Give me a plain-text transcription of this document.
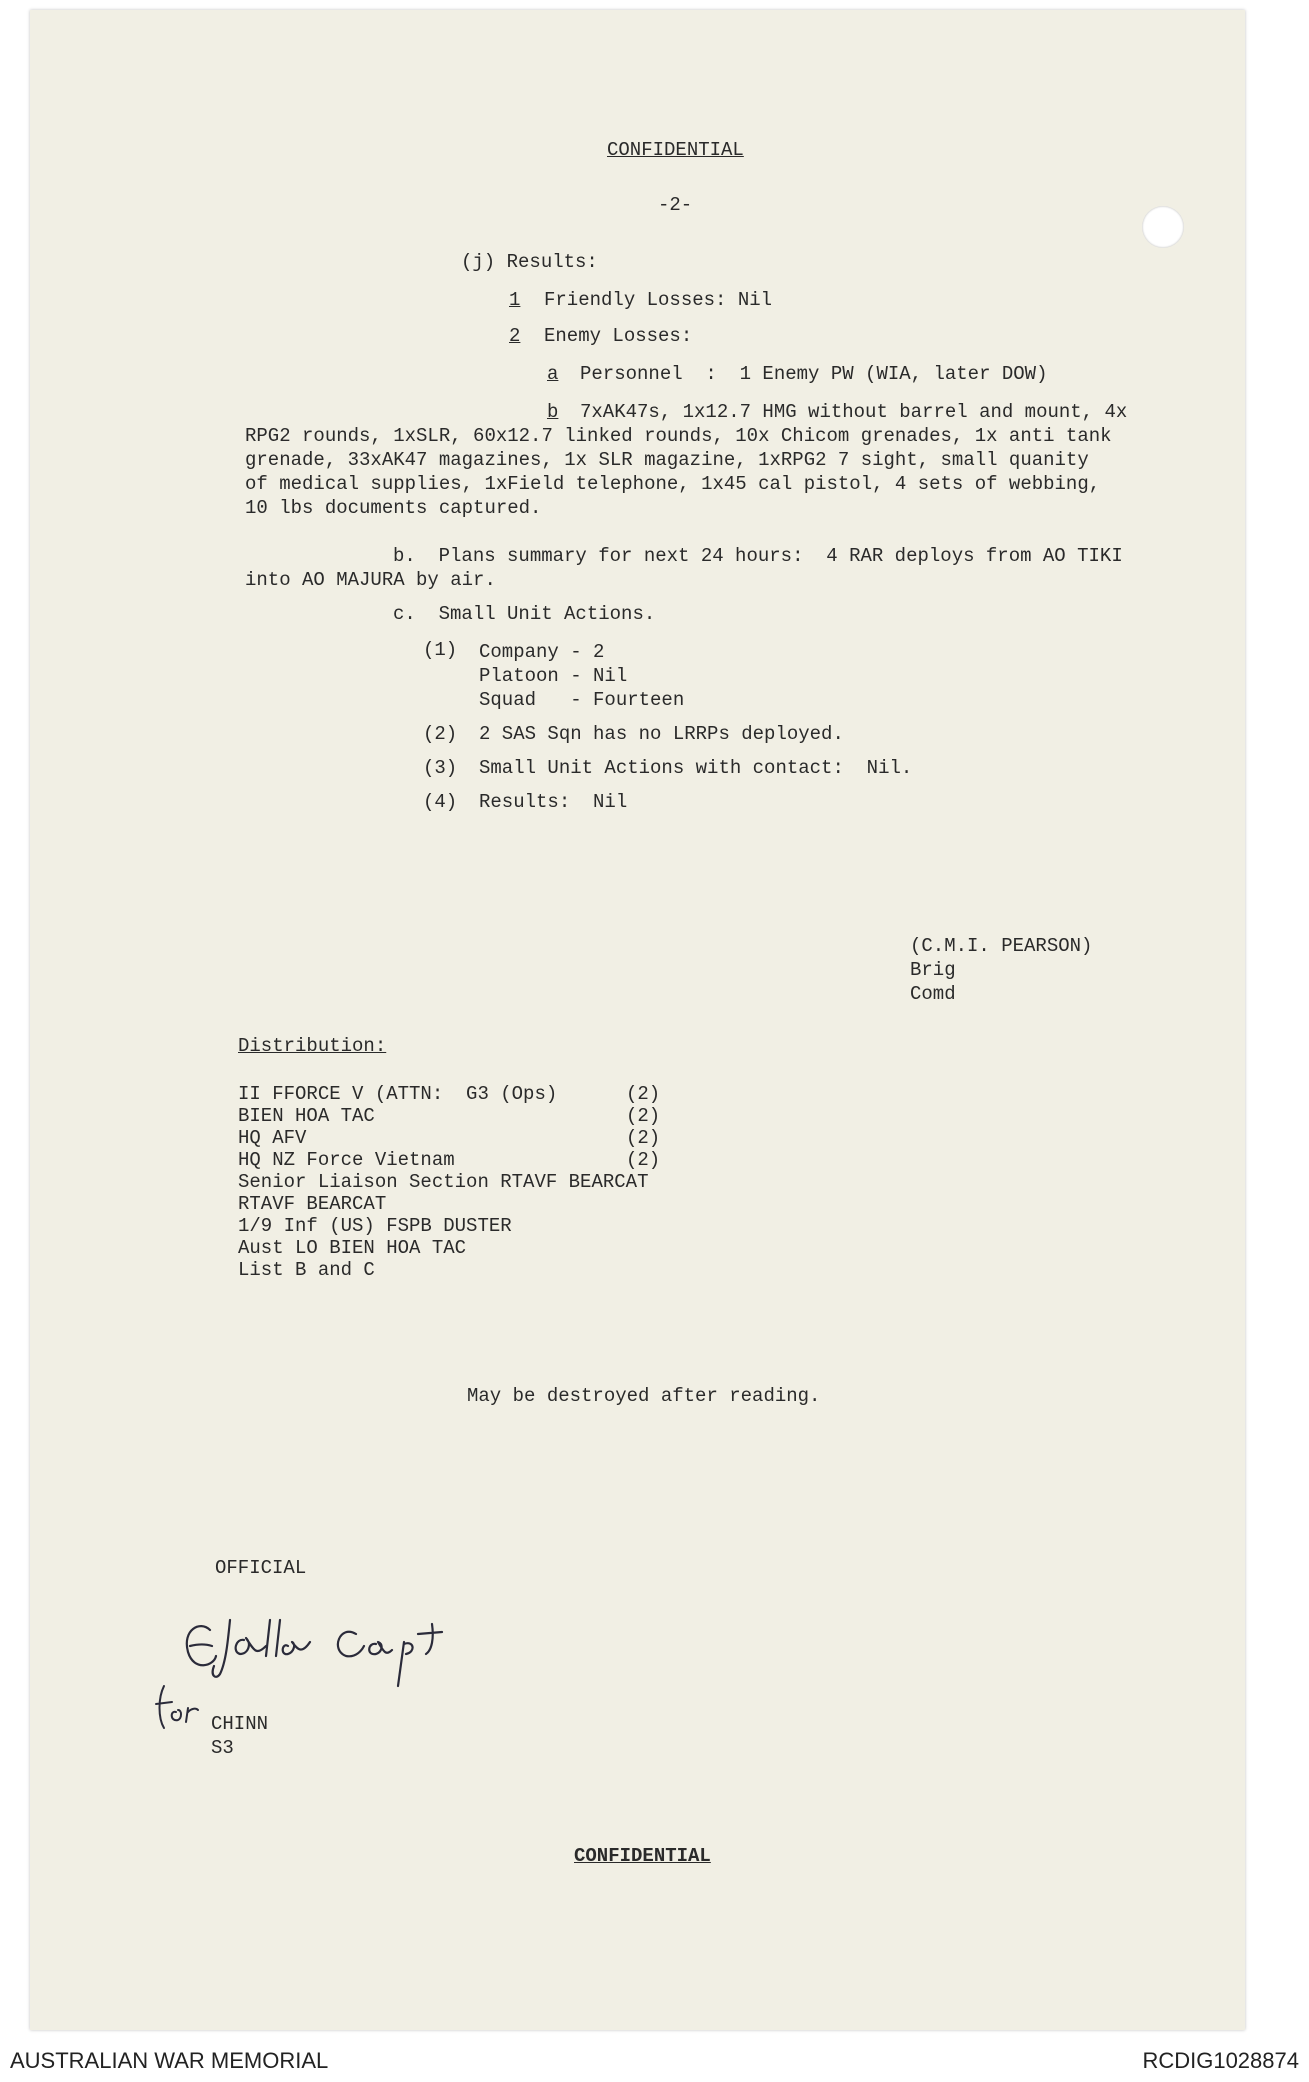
CONFIDENTIAL
-2-
(j) Results:
1 Friendly Losses: Nil
2 Enemy Losses:
a Personnel  :  1 Enemy PW (WIA, later DOW)
b 7xAK47s, 1x12.7 HMG without barrel and mount, 4x
RPG2 rounds, 1xSLR, 60x12.7 linked rounds, 10x Chicom grenades, 1x anti tank
grenade, 33xAK47 magazines, 1x SLR magazine, 1xRPG2 7 sight, small quanity
of medical supplies, 1xField telephone, 1x45 cal pistol, 4 sets of webbing,
10 lbs documents captured.
b.  Plans summary for next 24 hours:  4 RAR deploys from AO TIKI
into AO MAJURA by air.
c.  Small Unit Actions.
(1) Company - 2
Platoon - Nil
Squad   - Fourteen
(2) 2 SAS Sqn has no LRRPs deployed.
(3) Small Unit Actions with contact:  Nil.
(4) Results:  Nil
(C.M.I. PEARSON)
Brig
Comd
Distribution:
II FFORCE V (ATTN:  G3 (Ops)	(2)
BIEN HOA TAC	(2)
HQ AFV	(2)
HQ NZ Force Vietnam	(2)
Senior Liaison Section RTAVF BEARCAT
RTAVF BEARCAT
1/9 Inf (US) FSPB DUSTER
Aust LO BIEN HOA TAC
List B and C
May be destroyed after reading.
OFFICIAL
CHINN
S3
CONFIDENTIAL
AUSTRALIAN WAR MEMORIAL	RCDIG1028874
